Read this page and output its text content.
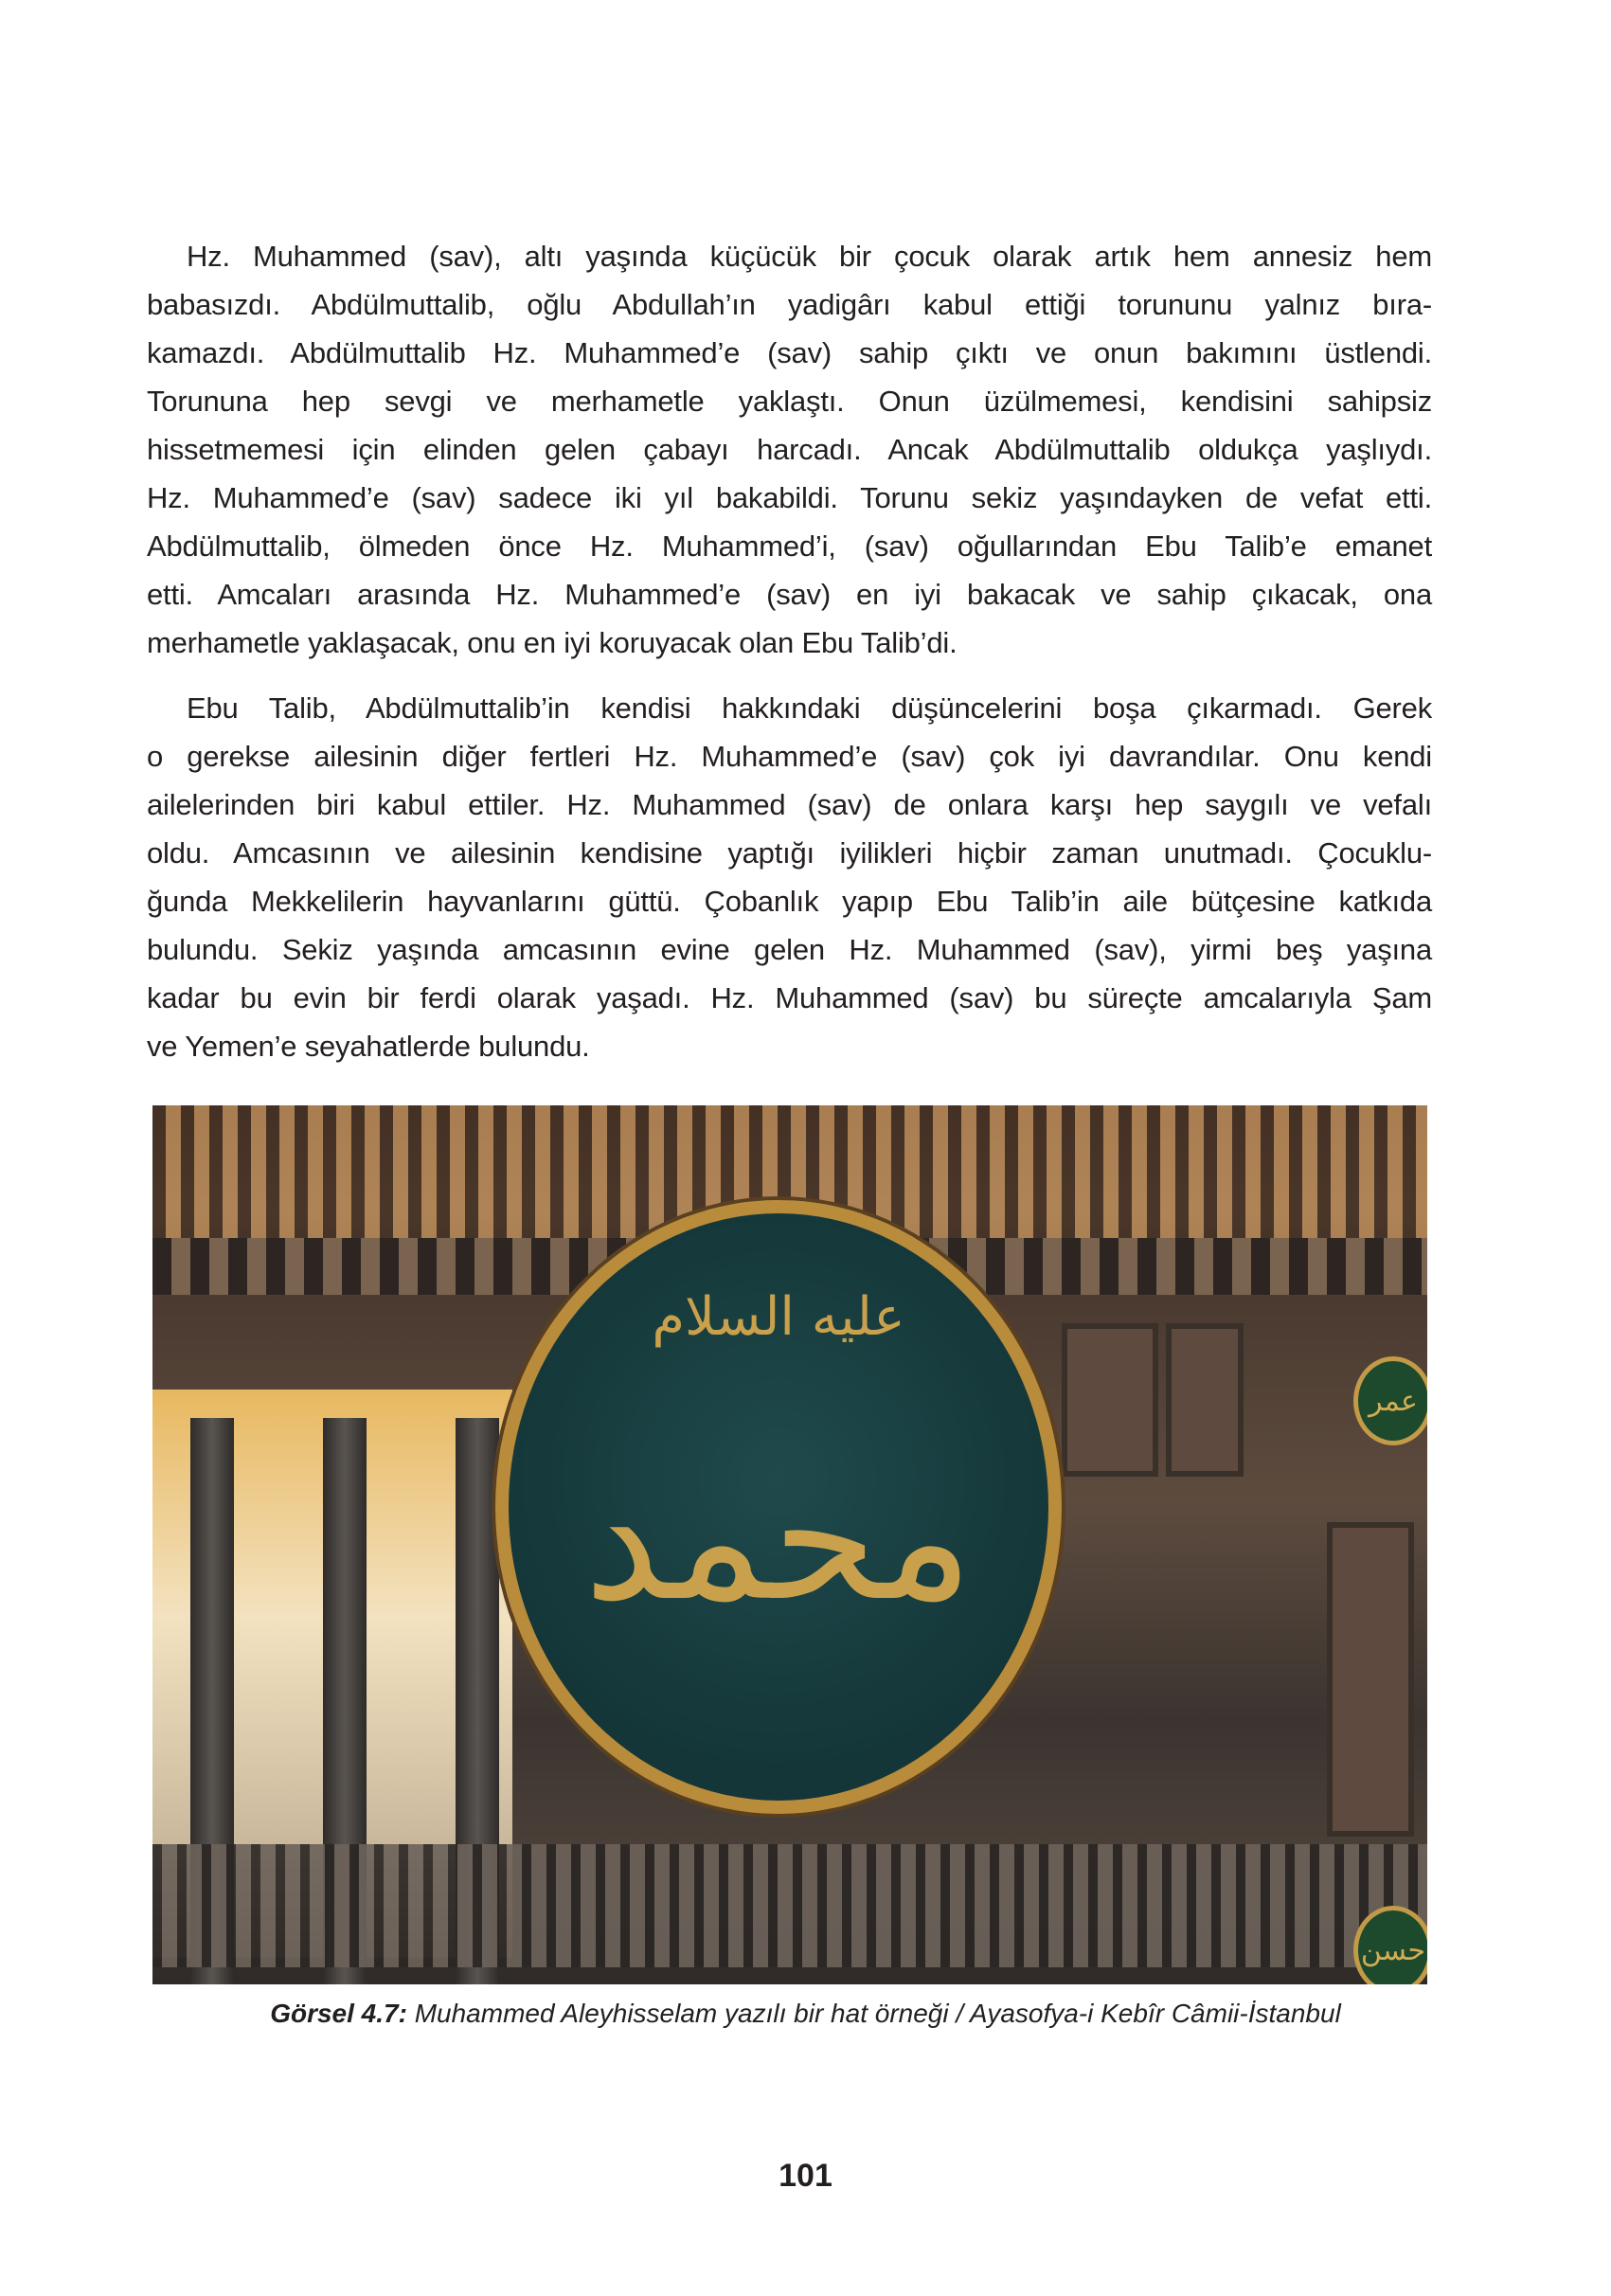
Hz. Muhammed (sav), altı yaşında küçücük bir çocuk olarak artık hem annesiz hem
babasızdı. Abdülmuttalib, oğlu Abdullah’ın yadigârı kabul ettiği torununu yalnız bıra-
kamazdı. Abdülmuttalib Hz. Muhammed’e (sav) sahip çıktı ve onun bakımını üstlendi.
Torununa hep sevgi ve merhametle yaklaştı. Onun üzülmemesi, kendisini sahipsiz
hissetmemesi için elinden gelen çabayı harcadı. Ancak Abdülmuttalib oldukça yaşlıydı.
Hz. Muhammed’e (sav) sadece iki yıl bakabildi. Torunu sekiz yaşındayken de vefat etti.
Abdülmuttalib, ölmeden önce Hz. Muhammed’i, (sav) oğullarından Ebu Talib’e emanet
etti. Amcaları arasında Hz. Muhammed’e (sav) en iyi bakacak ve sahip çıkacak, ona
merhametle yaklaşacak, onu en iyi koruyacak olan Ebu Talib’di.
Ebu Talib, Abdülmuttalib’in kendisi hakkındaki düşüncelerini boşa çıkarmadı. Gerek
o gerekse ailesinin diğer fertleri Hz. Muhammed’e (sav) çok iyi davrandılar. Onu kendi
ailelerinden biri kabul ettiler. Hz. Muhammed (sav) de onlara karşı hep saygılı ve vefalı
oldu. Amcasının ve ailesinin kendisine yaptığı iyilikleri hiçbir zaman unutmadı. Çocuklu-
ğunda Mekkelilerin hayvanlarını güttü. Çobanlık yapıp Ebu Talib’in aile bütçesine katkıda
bulundu. Sekiz yaşında amcasının evine gelen Hz. Muhammed (sav), yirmi beş yaşına
kadar bu evin bir ferdi olarak yaşadı. Hz. Muhammed (sav) bu süreçte amcalarıyla Şam
ve Yemen’e seyahatlerde bulundu.
عليه السلام
محمد
عمر
حسن
Görsel 4.7: Muhammed Aleyhisselam yazılı bir hat örneği / Ayasofya-i Kebîr Câmii-İstanbul
101
